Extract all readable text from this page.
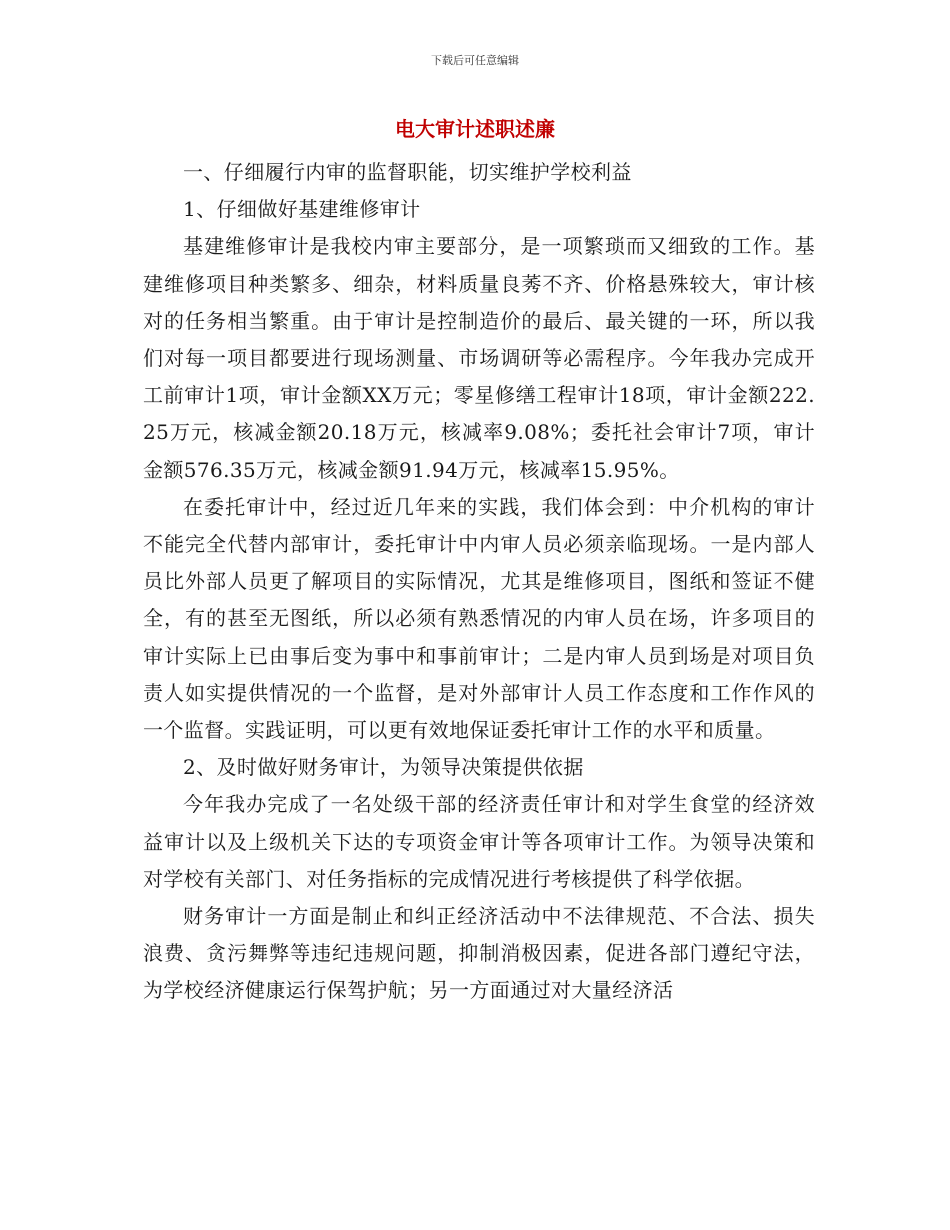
下载后可任意编辑
电大审计述职述廉

一、仔细履行内审的监督职能，切实维护学校利益

1、仔细做好基建维修审计

基建维修审计是我校内审主要部分，是一项繁琐而又细致的工作。基建维修项目种类繁多、细杂，材料质量良莠不齐、价格悬殊较大，审计核对的任务相当繁重。由于审计是控制造价的最后、最关键的一环，所以我们对每一项目都要进行现场测量、市场调研等必需程序。今年我办完成开工前审计1项，审计金额XX万元；零星修缮工程审计18项，审计金额222.25万元，核减金额20.18万元，核减率9.08%；委托社会审计7项，审计金额576.35万元，核减金额91.94万元，核减率15.95%。

在委托审计中，经过近几年来的实践，我们体会到：中介机构的审计不能完全代替内部审计，委托审计中内审人员必须亲临现场。一是内部人员比外部人员更了解项目的实际情况，尤其是维修项目，图纸和签证不健全，有的甚至无图纸，所以必须有熟悉情况的内审人员在场，许多项目的审计实际上已由事后变为事中和事前审计；二是内审人员到场是对项目负责人如实提供情况的一个监督，是对外部审计人员工作态度和工作作风的一个监督。实践证明，可以更有效地保证委托审计工作的水平和质量。

2、及时做好财务审计，为领导决策提供依据

今年我办完成了一名处级干部的经济责任审计和对学生食堂的经济效益审计以及上级机关下达的专项资金审计等各项审计工作。为领导决策和对学校有关部门、对任务指标的完成情况进行考核提供了科学依据。

财务审计一方面是制止和纠正经济活动中不法律规范、不合法、损失浪费、贪污舞弊等违纪违规问题，抑制消极因素，促进各部门遵纪守法，为学校经济健康运行保驾护航；另一方面通过对大量经济活
